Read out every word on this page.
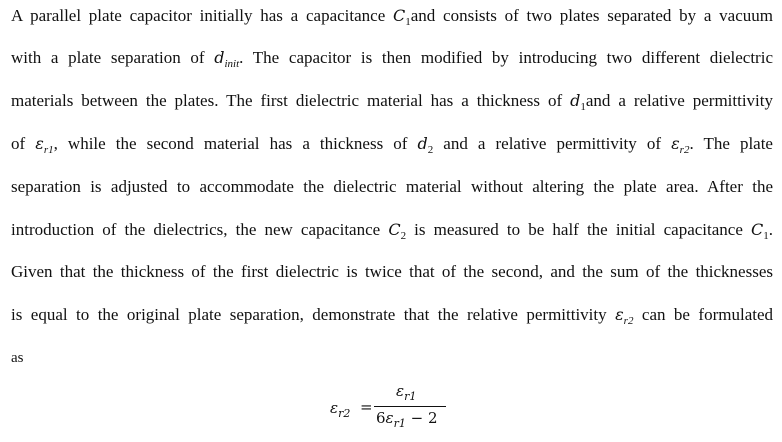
A parallel plate capacitor initially has a capacitance $C_1and$ consists of two plates separated by a vacuum
with a plate separation of $d_{init}$. The capacitor is then modified by introducing two different dielectric
materials between the plates. The first dielectric material has a thickness of $d_1and$ a relative permittivity
of $\varepsilon_{r1}$, while the second material has a thickness of $d_2$ and a relative permittivity of $\varepsilon_{r2}$. The plate
separation is adjusted to accommodate the dielectric material without altering the plate area. After the
introduction of the dielectrics, the new capacitance $C_2$ is measured to be half the initial capacitance $C_1$.
Given that the thickness of the first dielectric is twice that of the second, and the sum of the thicknesses
is equal to the original plate separation, demonstrate that the relative permittivity $\varepsilon_{r2}$ can be formulated
as
$\varepsilon_{r2}$ =
$\varepsilon_{r1}$
$6\varepsilon_{r1} - 2$
